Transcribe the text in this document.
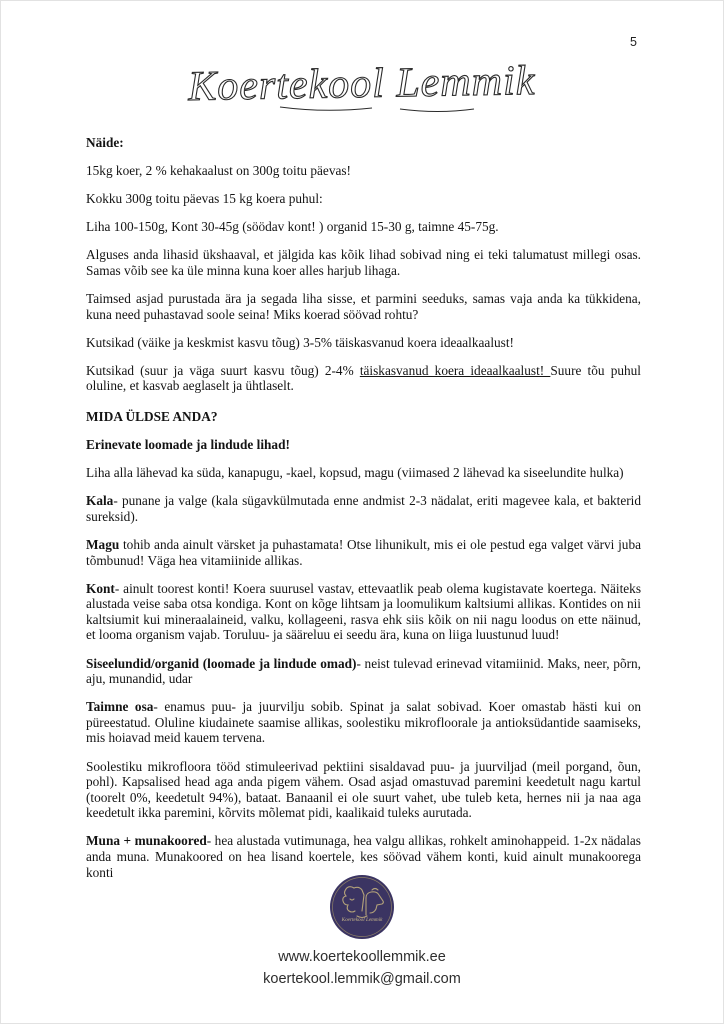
5
Koertekool Lemmik

Näide:

15kg koer, 2 % kehakaalust on 300g toitu päevas!

Kokku 300g toitu päevas 15 kg koera puhul:

Liha 100-150g, Kont 30-45g (söödav kont! ) organid 15-30 g, taimne 45-75g.

Alguses anda lihasid ükshaaval, et jälgida kas kõik lihad sobivad ning ei teki talumatust millegi osas. Samas võib see ka üle minna kuna koer alles harjub lihaga.

Taimsed asjad purustada ära ja segada liha sisse, et parmini seeduks, samas vaja anda ka tükkidena, kuna need puhastavad soole seina! Miks koerad söövad rohtu?

Kutsikad (väike ja keskmist kasvu tõug) 3-5% täiskasvanud koera ideaalkaalust!

Kutsikad (suur ja väga suurt kasvu tõug) 2-4% täiskasvanud koera ideaalkaalust! Suure tõu puhul oluline, et kasvab aeglaselt ja ühtlaselt.

MIDA ÜLDSE ANDA?

Erinevate loomade ja lindude lihad!

Liha alla lähevad ka süda, kanapugu, -kael, kopsud, magu (viimased 2 lähevad ka siseelundite hulka)

Kala- punane ja valge (kala sügavkülmutada enne andmist 2-3 nädalat, eriti magevee kala, et bakterid sureksid).

Magu tohib anda ainult värsket ja puhastamata! Otse lihunikult, mis ei ole pestud ega valget värvi juba tõmbunud! Väga hea vitamiinide allikas.

Kont- ainult toorest konti! Koera suurusel vastav, ettevaatlik peab olema kugistavate koertega. Näiteks alustada veise saba otsa kondiga. Kont on kõge lihtsam ja loomulikum kaltsiumi allikas. Kontides on nii kaltsiumit kui mineraalaineid, valku, kollageeni, rasva ehk siis kõik on nii nagu loodus on ette näinud, et looma organism vajab. Toruluu- ja sääreluu ei seedu ära, kuna on liiga luustunud luud!

Siseelundid/organid (loomade ja lindude omad)- neist tulevad erinevad vitamiinid. Maks, neer, põrn, aju, munandid, udar

Taimne osa- enamus puu- ja juurvilju sobib. Spinat ja salat sobivad. Koer omastab hästi kui on püreestatud. Oluline kiudainete saamise allikas, soolestiku mikrofloorale ja antioksüdantide saamiseks, mis hoiavad meid kauem tervena.

Soolestiku mikrofloora tööd stimuleerivad pektiini sisaldavad puu- ja juurviljad (meil porgand, õun, pohl). Kapsalised head aga anda pigem vähem. Osad asjad omastuvad paremini keedetult nagu kartul (toorelt 0%, keedetult 94%), bataat. Banaanil ei ole suurt vahet, ube tuleb keta, hernes nii ja naa aga keedetult ikka paremini, kõrvits mõlemat pidi, kaalikaid tuleks aurutada.

Muna + munakoored- hea alustada vutimunaga, hea valgu allikas, rohkelt aminohappeid. 1-2x nädalas anda muna. Munakoored on hea lisand koertele, kes söövad vähem konti, kuid ainult munakoorega konti

Koertekool Lemmik
www.koertekoollemmik.ee
koertekool.lemmik@gmail.com
